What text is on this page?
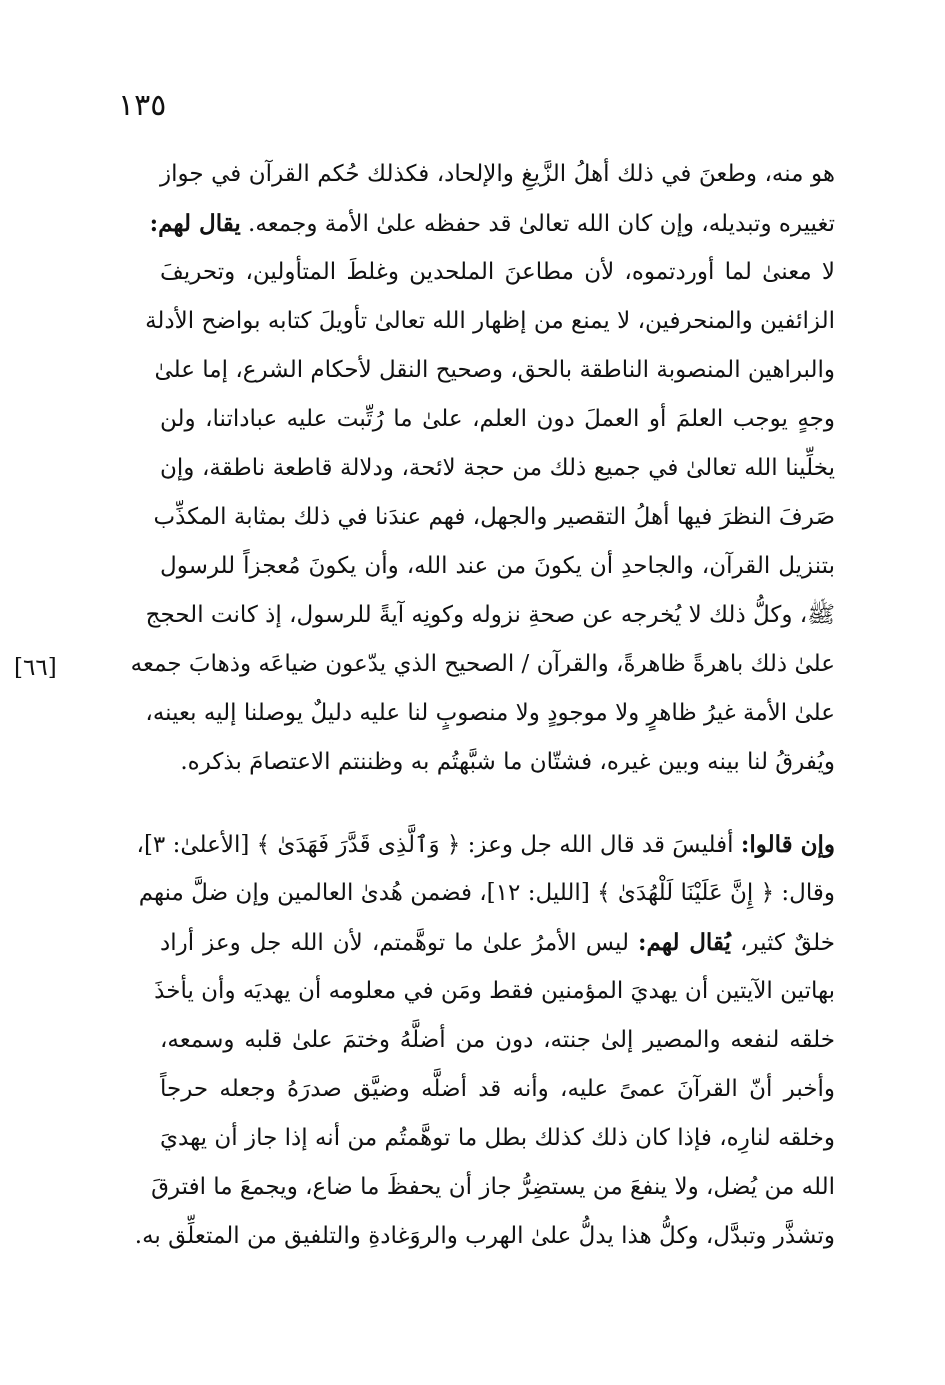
١٣٥
[٦٦]
هو منه، وطعنَ في ذلك أهلُ الزَّيغِ والإلحاد، فكذلك حُكم القرآن في جواز
تغييره وتبديله، وإن كان الله تعالىٰ قد حفظه علىٰ الأمة وجمعه. يقال لهم:
لا معنىٰ لما أوردتموه، لأن مطاعنَ الملحدين وغلطَ المتأولين، وتحريفَ
الزائفين والمنحرفين، لا يمنع من إظهار الله تعالىٰ تأويلَ كتابه بواضح الأدلة
والبراهين المنصوبة الناطقة بالحق، وصحيح النقل لأحكام الشرع، إما علىٰ
وجهٍ يوجب العلمَ أو العملَ دون العلم، علىٰ ما رُتِّبت عليه عباداتنا، ولن
يخلِّينا الله تعالىٰ في جميع ذلك من حجة لائحة، ودلالة قاطعة ناطقة، وإن
صَرفَ النظرَ فيها أهلُ التقصير والجهل، فهم عندَنا في ذلك بمثابة المكذِّب
بتنزيل القرآن، والجاحدِ أن يكونَ من عند الله، وأن يكونَ مُعجزاً للرسول
ﷺ، وكلُّ ذلك لا يُخرجه عن صحةِ نزوله وكونِه آيةً للرسول، إذ كانت الحجج
علىٰ ذلك باهرةً ظاهرةً، والقرآن / الصحيح الذي يدّعون ضياعَه وذهابَ جمعه
علىٰ الأمة غيرُ ظاهرٍ ولا موجودٍ ولا منصوبٍ لنا عليه دليلٌ يوصلنا إليه بعينه،
ويُفرقُ لنا بينه وبين غيره، فشتّان ما شبَّهتُم به وظننتم الاعتصامَ بذكره.
وإن قالوا: أفليسَ قد قال الله جل وعز: ﴿ وَٱلَّذِى قَدَّرَ فَهَدَىٰ ﴾ [الأعلىٰ: ٣]،
وقال: ﴿ إِنَّ عَلَيْنَا لَلْهُدَىٰ ﴾ [الليل: ١٢]، فضمن هُدىٰ العالمين وإن ضلَّ منهم
خلقٌ كثير، يُقال لهم: ليس الأمرُ علىٰ ما توهَّمتم، لأن الله جل وعز أراد
بهاتين الآيتين أن يهديَ المؤمنين فقط ومَن في معلومه أن يهديَه وأن يأخذَ
خلقه لنفعه والمصير إلىٰ جنته، دون من أضلَّهُ وختمَ علىٰ قلبه وسمعه،
وأخبر أنّ القرآنَ عمىً عليه، وأنه قد أضلَّه وضيَّق صدرَهُ وجعله حرجاً
وخلقه لنارِه، فإذا كان ذلك كذلك بطل ما توهَّمتُم من أنه إذا جاز أن يهديَ
الله من يُضل، ولا ينفعَ من يستضِرُّ جاز أن يحفظَ ما ضاع، ويجمعَ ما افترقَ
وتشذَّر وتبدَّل، وكلُّ هذا يدلُّ علىٰ الهرب والروَغادةِ والتلفيق من المتعلِّق به.
